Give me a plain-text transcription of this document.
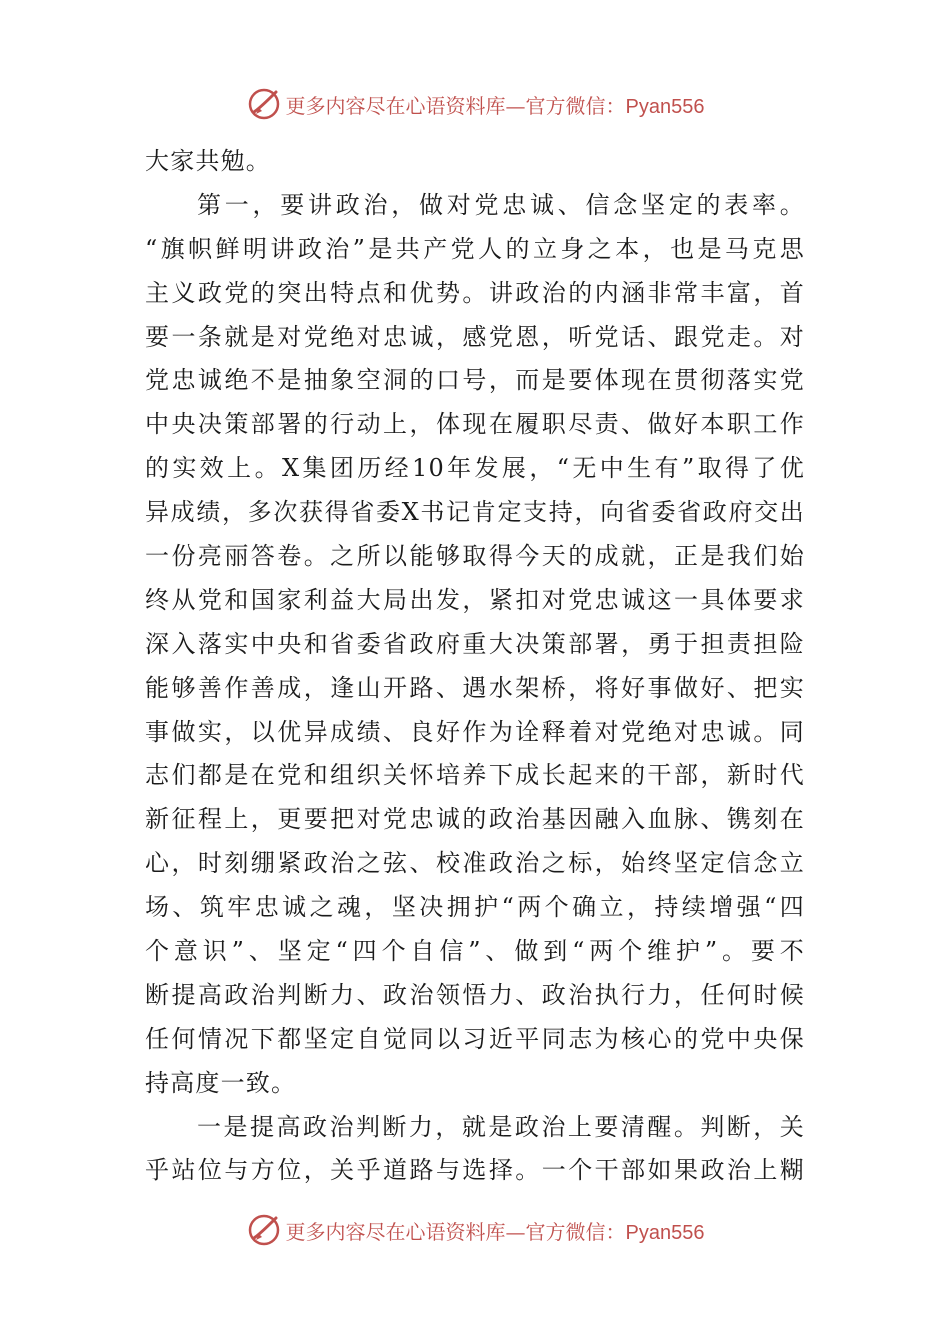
更多内容尽在心语资料库—官方微信：Pyan556
大家共勉。
第一，要讲政治，做对党忠诚、信念坚定的表率。
“旗帜鲜明讲政治”是共产党人的立身之本，也是马克思
主义政党的突出特点和优势。讲政治的内涵非常丰富，首
要一条就是对党绝对忠诚，感党恩，听党话、跟党走。对
党忠诚绝不是抽象空洞的口号，而是要体现在贯彻落实党
中央决策部署的行动上，体现在履职尽责、做好本职工作
的实效上。X集团历经10年发展，“无中生有”取得了优
异成绩，多次获得省委X书记肯定支持，向省委省政府交出
一份亮丽答卷。之所以能够取得今天的成就，正是我们始
终从党和国家利益大局出发，紧扣对党忠诚这一具体要求
深入落实中央和省委省政府重大决策部署，勇于担责担险
能够善作善成，逢山开路、遇水架桥，将好事做好、把实
事做实，以优异成绩、良好作为诠释着对党绝对忠诚。同
志们都是在党和组织关怀培养下成长起来的干部，新时代
新征程上，更要把对党忠诚的政治基因融入血脉、镌刻在
心，时刻绷紧政治之弦、校准政治之标，始终坚定信念立
场、筑牢忠诚之魂，坚决拥护“两个确立，持续增强“四
个意识”、坚定“四个自信”、做到“两个维护”。要不
断提高政治判断力、政治领悟力、政治执行力，任何时候
任何情况下都坚定自觉同以习近平同志为核心的党中央保
持高度一致。
一是提高政治判断力，就是政治上要清醒。判断，关
乎站位与方位，关乎道路与选择。一个干部如果政治上糊
更多内容尽在心语资料库—官方微信：Pyan556
